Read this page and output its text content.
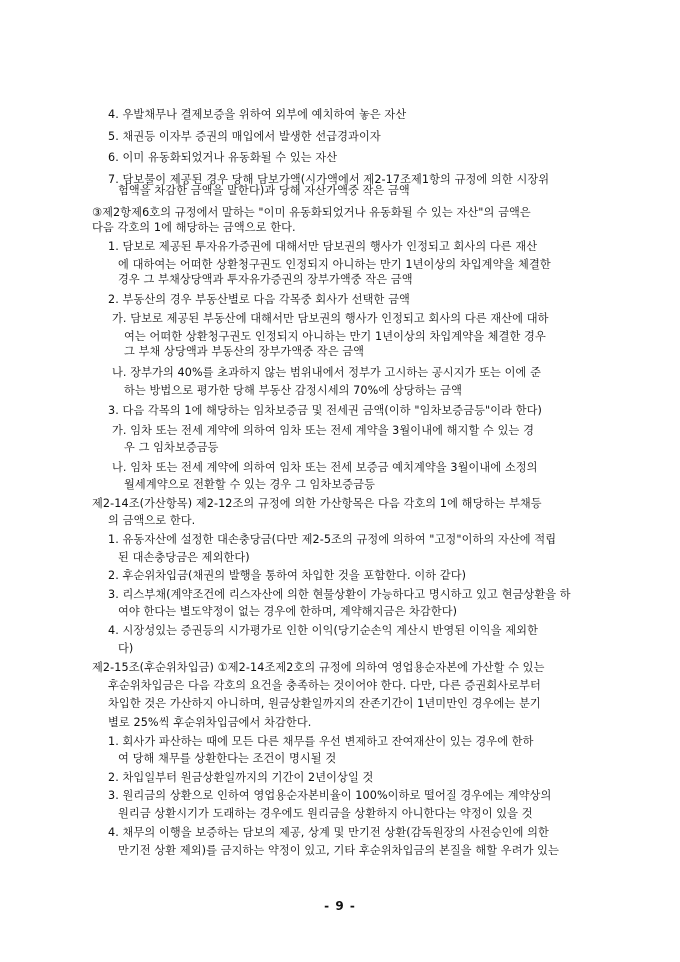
4. 우발채무나 결제보증을 위하여 외부에 예치하여 놓은 자산
5. 채권등 이자부 증권의 매입에서 발생한 선급경과이자
6. 이미 유동화되었거나 유동화될 수 있는 자산
7. 담보물이 제공된 경우 당해 담보가액(시가액에서 제2-17조제1항의 규정에 의한 시장위
험액을 차감한 금액을 말한다)과 당해 자산가액중 작은 금액
③제2항제6호의 규정에서 말하는 "이미 유동화되었거나 유동화될 수 있는 자산"의 금액은
다음 각호의 1에 해당하는 금액으로 한다.
1. 담보로 제공된 투자유가증권에 대해서만 담보권의 행사가 인정되고 회사의 다른 재산
에 대하여는 어떠한 상환청구권도 인정되지 아니하는 만기 1년이상의 차입계약을 체결한
경우 그 부채상당액과 투자유가증권의 장부가액중 작은 금액
2. 부동산의 경우 부동산별로 다음 각목중 회사가 선택한 금액
가. 담보로 제공된 부동산에 대해서만 담보권의 행사가 인정되고 회사의 다른 재산에 대하
여는 어떠한 상환청구권도 인정되지 아니하는 만기 1년이상의 차입계약을 체결한 경우
그 부채 상당액과 부동산의 장부가액중 작은 금액
나. 장부가의 40%를 초과하지 않는 범위내에서 정부가 고시하는 공시지가 또는 이에 준
하는 방법으로 평가한 당해 부동산 감정시세의 70%에 상당하는 금액
3. 다음 각목의 1에 해당하는 임차보증금 및 전세권 금액(이하 "임차보증금등"이라 한다)
가. 임차 또는 전세 계약에 의하여 임차 또는 전세 계약을 3월이내에 해지할 수 있는 경
우 그 임차보증금등
나. 임차 또는 전세 계약에 의하여 임차 또는 전세 보증금 예치계약을 3월이내에 소정의
월세계약으로 전환할 수 있는 경우 그 임차보증금등
제2-14조(가산항목) 제2-12조의 규정에 의한 가산항목은 다음 각호의 1에 해당하는 부채등
의 금액으로 한다.
1. 유동자산에 설정한 대손충당금(다만 제2-5조의 규정에 의하여 "고정"이하의 자산에 적립
된 대손충당금은 제외한다)
2. 후순위차입금(채권의 발행을 통하여 차입한 것을 포함한다. 이하 같다)
3. 리스부채(계약조건에 리스자산에 의한 현물상환이 가능하다고 명시하고 있고 현금상환을 하
여야 한다는 별도약정이 없는 경우에 한하며, 계약해지금은 차감한다)
4. 시장성있는 증권등의 시가평가로 인한 이익(당기순손익 계산시 반영된 이익을 제외한
다)
제2-15조(후순위차입금) ①제2-14조제2호의 규정에 의하여 영업용순자본에 가산할 수 있는
후순위차입금은 다음 각호의 요건을 충족하는 것이어야 한다. 다만, 다른 증권회사로부터
차입한 것은 가산하지 아니하며, 원금상환일까지의 잔존기간이 1년미만인 경우에는 분기
별로 25%씩 후순위차입금에서 차감한다.
1. 회사가 파산하는 때에 모든 다른 채무를 우선 변제하고 잔여재산이 있는 경우에 한하
여 당해 채무를 상환한다는 조건이 명시될 것
2. 차입일부터 원금상환일까지의 기간이 2년이상일 것
3. 원리금의 상환으로 인하여 영업용순자본비율이 100%이하로 떨어질 경우에는 계약상의
원리금 상환시기가 도래하는 경우에도 원리금을 상환하지 아니한다는 약정이 있을 것
4. 채무의 이행을 보증하는 담보의 제공, 상계 및 만기전 상환(감독원장의 사전승인에 의한
만기전 상환 제외)를 금지하는 약정이 있고, 기타 후순위차입금의 본질을 해할 우려가 있는
- 9 -
